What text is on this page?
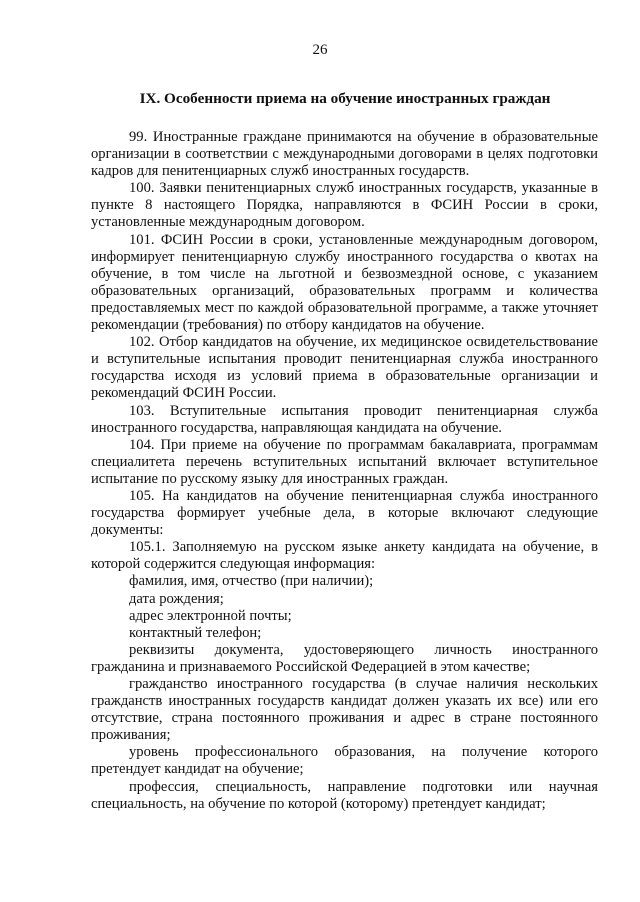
26
IX. Особенности приема на обучение иностранных граждан

99. Иностранные граждане принимаются на обучение в образовательные организации в соответствии с международными договорами в целях подготовки кадров для пенитенциарных служб иностранных государств.

100. Заявки пенитенциарных служб иностранных государств, указанные в пункте 8 настоящего Порядка, направляются в ФСИН России в сроки, установленные международным договором.

101. ФСИН России в сроки, установленные международным договором, информирует пенитенциарную службу иностранного государства о квотах на обучение, в том числе на льготной и безвозмездной основе, с указанием образовательных организаций, образовательных программ и количества предоставляемых мест по каждой образовательной программе, а также уточняет рекомендации (требования) по отбору кандидатов на обучение.

102. Отбор кандидатов на обучение, их медицинское освидетельствование и вступительные испытания проводит пенитенциарная служба иностранного государства исходя из условий приема в образовательные организации и рекомендаций ФСИН России.

103. Вступительные испытания проводит пенитенциарная служба иностранного государства, направляющая кандидата на обучение.

104. При приеме на обучение по программам бакалавриата, программам специалитета перечень вступительных испытаний включает вступительное испытание по русскому языку для иностранных граждан.

105. На кандидатов на обучение пенитенциарная служба иностранного государства формирует учебные дела, в которые включают следующие документы:

105.1. Заполняемую на русском языке анкету кандидата на обучение, в которой содержится следующая информация:

фамилия, имя, отчество (при наличии);

дата рождения;

адрес электронной почты;

контактный телефон;

реквизиты документа, удостоверяющего личность иностранного гражданина и признаваемого Российской Федерацией в этом качестве;

гражданство иностранного государства (в случае наличия нескольких гражданств иностранных государств кандидат должен указать их все) или его отсутствие, страна постоянного проживания и адрес в стране постоянного проживания;

уровень профессионального образования, на получение которого претендует кандидат на обучение;

профессия, специальность, направление подготовки или научная специальность, на обучение по которой (которому) претендует кандидат;
